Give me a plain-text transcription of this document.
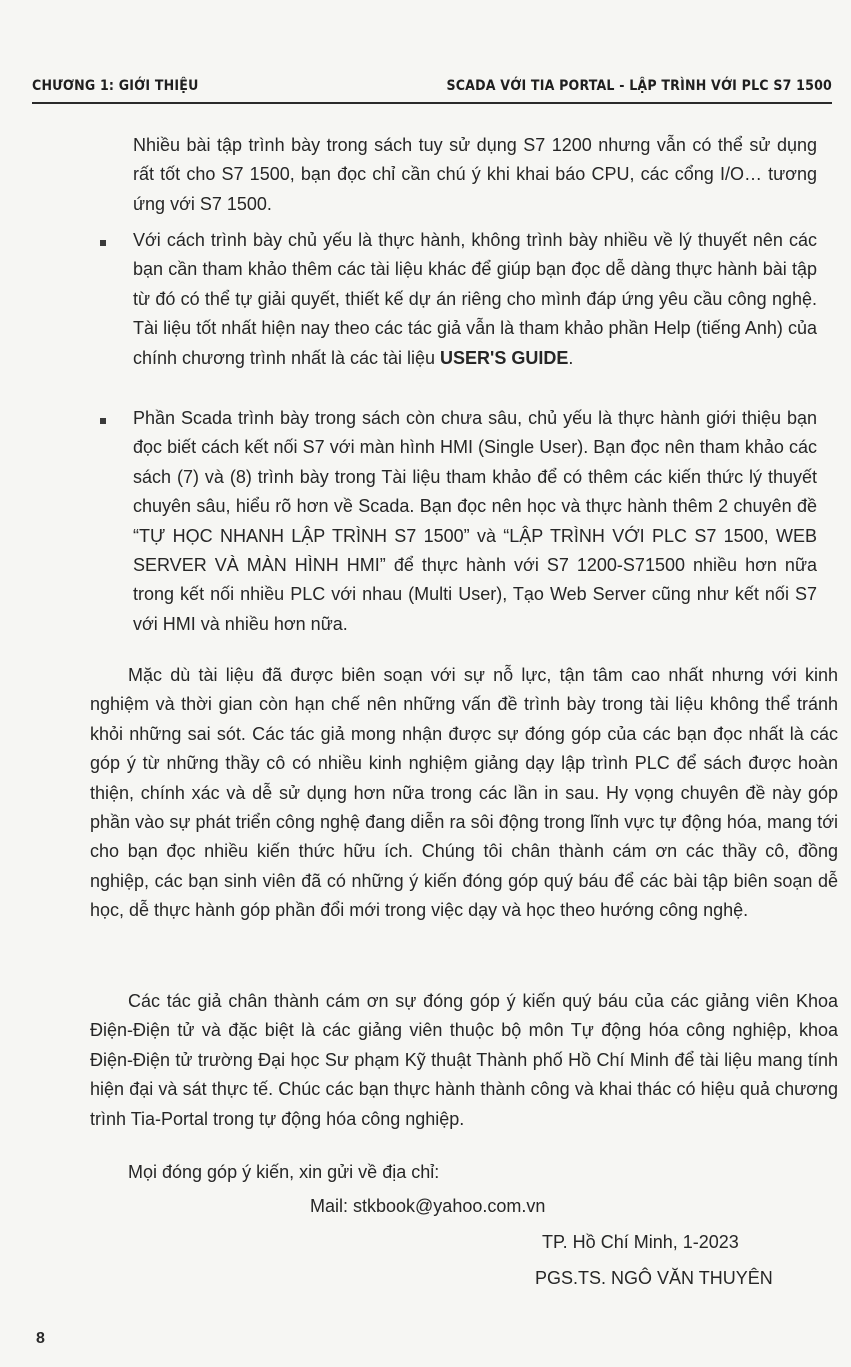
CHƯƠNG 1: GIỚI THIỆU	SCADA VỚI TIA PORTAL - LẬP TRÌNH VỚI PLC S7 1500

Nhiều bài tập trình bày trong sách tuy sử dụng S7 1200 nhưng vẫn có thể sử dụng rất tốt cho S7 1500, bạn đọc chỉ cần chú ý khi khai báo CPU, các cổng I/O… tương ứng với S7 1500.

Với cách trình bày chủ yếu là thực hành, không trình bày nhiều về lý thuyết nên các bạn cần tham khảo thêm các tài liệu khác để giúp bạn đọc dễ dàng thực hành bài tập từ đó có thể tự giải quyết, thiết kế dự án riêng cho mình đáp ứng yêu cầu công nghệ. Tài liệu tốt nhất hiện nay theo các tác giả vẫn là tham khảo phần Help (tiếng Anh) của chính chương trình nhất là các tài liệu USER'S GUIDE.

Phần Scada trình bày trong sách còn chưa sâu, chủ yếu là thực hành giới thiệu bạn đọc biết cách kết nối S7 với màn hình HMI (Single User). Bạn đọc nên tham khảo các sách (7) và (8) trình bày trong Tài liệu tham khảo để có thêm các kiến thức lý thuyết chuyên sâu, hiểu rõ hơn về Scada. Bạn đọc nên học và thực hành thêm 2 chuyên đề “TỰ HỌC NHANH LẬP TRÌNH S7 1500” và “LẬP TRÌNH VỚI PLC S7 1500, WEB SERVER VÀ MÀN HÌNH HMI” để thực hành với S7 1200-S71500 nhiều hơn nữa trong kết nối nhiều PLC với nhau (Multi User), Tạo Web Server cũng như kết nối S7 với HMI và nhiều hơn nữa.

Mặc dù tài liệu đã được biên soạn với sự nỗ lực, tận tâm cao nhất nhưng với kinh nghiệm và thời gian còn hạn chế nên những vấn đề trình bày trong tài liệu không thể tránh khỏi những sai sót. Các tác giả mong nhận được sự đóng góp của các bạn đọc nhất là các góp ý từ những thầy cô có nhiều kinh nghiệm giảng dạy lập trình PLC để sách được hoàn thiện, chính xác và dễ sử dụng hơn nữa trong các lần in sau. Hy vọng chuyên đề này góp phần vào sự phát triển công nghệ đang diễn ra sôi động trong lĩnh vực tự động hóa, mang tới cho bạn đọc nhiều kiến thức hữu ích. Chúng tôi chân thành cám ơn các thầy cô, đồng nghiệp, các bạn sinh viên đã có những ý kiến đóng góp quý báu để các bài tập biên soạn dễ học, dễ thực hành góp phần đổi mới trong việc dạy và học theo hướng công nghệ.

Các tác giả chân thành cám ơn sự đóng góp ý kiến quý báu của các giảng viên Khoa Điện-Điện tử và đặc biệt là các giảng viên thuộc bộ môn Tự động hóa công nghiệp, khoa Điện-Điện tử trường Đại học Sư phạm Kỹ thuật Thành phố Hồ Chí Minh để tài liệu mang tính hiện đại và sát thực tế. Chúc các bạn thực hành thành công và khai thác có hiệu quả chương trình Tia-Portal trong tự động hóa công nghiệp.

Mọi đóng góp ý kiến, xin gửi về địa chỉ:

Mail: stkbook@yahoo.com.vn
TP. Hồ Chí Minh, 1-2023
PGS.TS. NGÔ VĂN THUYÊN
8
